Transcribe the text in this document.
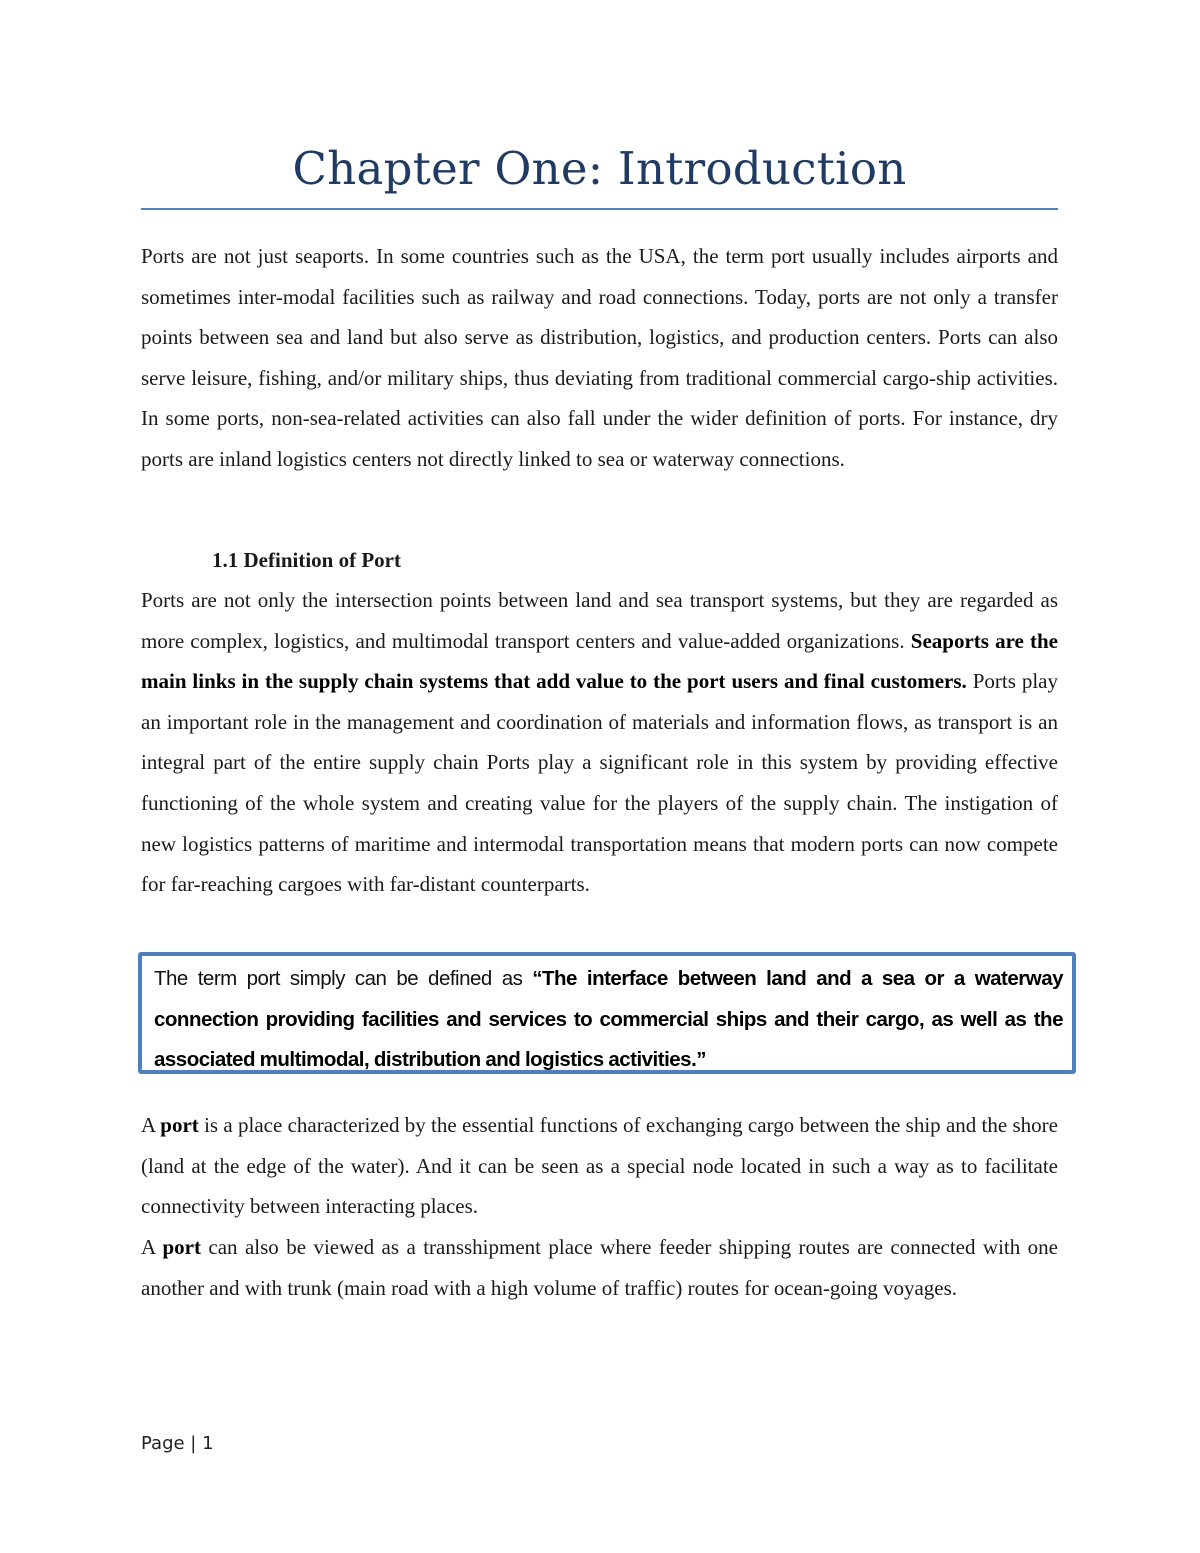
Chapter One: Introduction

Ports are not just seaports. In some countries such as the USA, the term port usually includes airports and sometimes inter-modal facilities such as railway and road connections. Today, ports are not only a transfer points between sea and land but also serve as distribution, logistics, and production centers. Ports can also serve leisure, fishing, and/or military ships, thus deviating from traditional commercial cargo-ship activities. In some ports, non-sea-related activities can also fall under the wider definition of ports. For instance, dry ports are inland logistics centers not directly linked to sea or waterway connections.

1.1 Definition of Port

Ports are not only the intersection points between land and sea transport systems, but they are regarded as more complex, logistics, and multimodal transport centers and value-added organizations. Seaports are the main links in the supply chain systems that add value to the port users and final customers. Ports play an important role in the management and coordination of materials and information flows, as transport is an integral part of the entire supply chain Ports play a significant role in this system by providing effective functioning of the whole system and creating value for the players of the supply chain. The instigation of new logistics patterns of maritime and intermodal transportation means that modern ports can now compete for far-reaching cargoes with far-distant counterparts.

The term port simply can be defined as “The interface between land and a sea or a waterway connection providing facilities and services to commercial ships and their cargo, as well as the associated multimodal, distribution and logistics activities.”

A port is a place characterized by the essential functions of exchanging cargo between the ship and the shore (land at the edge of the water). And it can be seen as a special node located in such a way as to facilitate connectivity between interacting places.

A port can also be viewed as a transshipment place where feeder shipping routes are connected with one another and with trunk (main road with a high volume of traffic) routes for ocean-going voyages.

Page | 1
